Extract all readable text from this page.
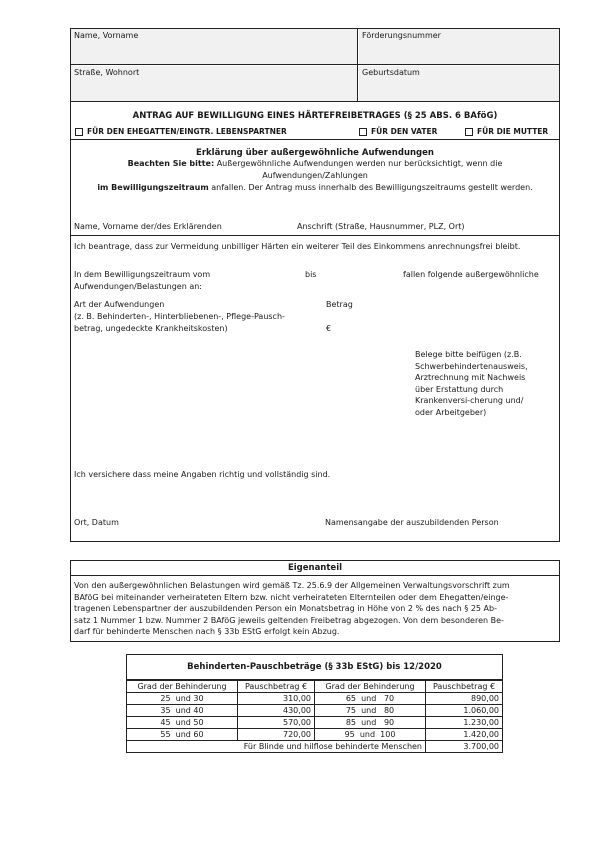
Name, Vorname	Förderungsnummer
Straße, Wohnort	Geburtsdatum
ANTRAG AUF BEWILLIGUNG EINES HÄRTEFREIBETRAGES (§ 25 ABS. 6 BAföG)
FÜR DEN EHEGATTEN/EINGTR. LEBENSPARTNER	FÜR DEN VATER	FÜR DIE MUTTER
Erklärung über außergewöhnliche Aufwendungen
Beachten Sie bitte: Außergewöhnliche Aufwendungen werden nur berücksichtigt, wenn die
Aufwendungen/Zahlungen
im Bewilligungszeitraum anfallen. Der Antrag muss innerhalb des Bewilligungszeitraums gestellt werden.
Name, Vorname der/des Erklärenden	Anschrift (Straße, Hausnummer, PLZ, Ort)
Ich beantrage, dass zur Vermeidung unbilliger Härten ein weiterer Teil des Einkommens anrechnungsfrei bleibt.
In dem Bewilligungszeitraum vom	bis	fallen folgende außergewöhnliche
Aufwendungen/Belastungen an:
Art der Aufwendungen
(z. B. Behinderten-, Hinterbliebenen-, Pflege-Pausch-
betrag, ungedeckte Krankheitskosten)
Betrag
€
Belege bitte beifügen (z.B.
Schwerbehindertenausweis,
Arztrechnung mit Nachweis
über Erstattung durch
Krankenversi-cherung und/
oder Arbeitgeber)
Ich versichere dass meine Angaben richtig und vollständig sind.
Ort, Datum	Namensangabe der auszubildenden Person
Eigenanteil
Von den außergewöhnlichen Belastungen wird gemäß Tz. 25.6.9 der Allgemeinen Verwaltungsvorschrift zum
BAföG bei miteinander verheirateten Eltern bzw. nicht verheirateten Elternteilen oder dem Ehegatten/einge-
tragenen Lebenspartner der auszubildenden Person ein Monatsbetrag in Höhe von 2 % des nach § 25 Ab-
satz 1 Nummer 1 bzw. Nummer 2 BAföG jeweils geltenden Freibetrag abgezogen. Von dem besonderen Be-
darf für behinderte Menschen nach § 33b EStG erfolgt kein Abzug.
Behinderten-Pauschbeträge (§ 33b EStG) bis 12/2020
Grad der Behinderung	Pauschbetrag €	Grad der Behinderung	Pauschbetrag €
25  und 30	310,00	65  und   70	890,00
35  und 40	430,00	75  und   80	1.060,00
45  und 50	570,00	85  und   90	1.230,00
55  und 60	720,00	95  und  100	1.420,00
Für Blinde und hilflose behinderte Menschen			3.700,00
